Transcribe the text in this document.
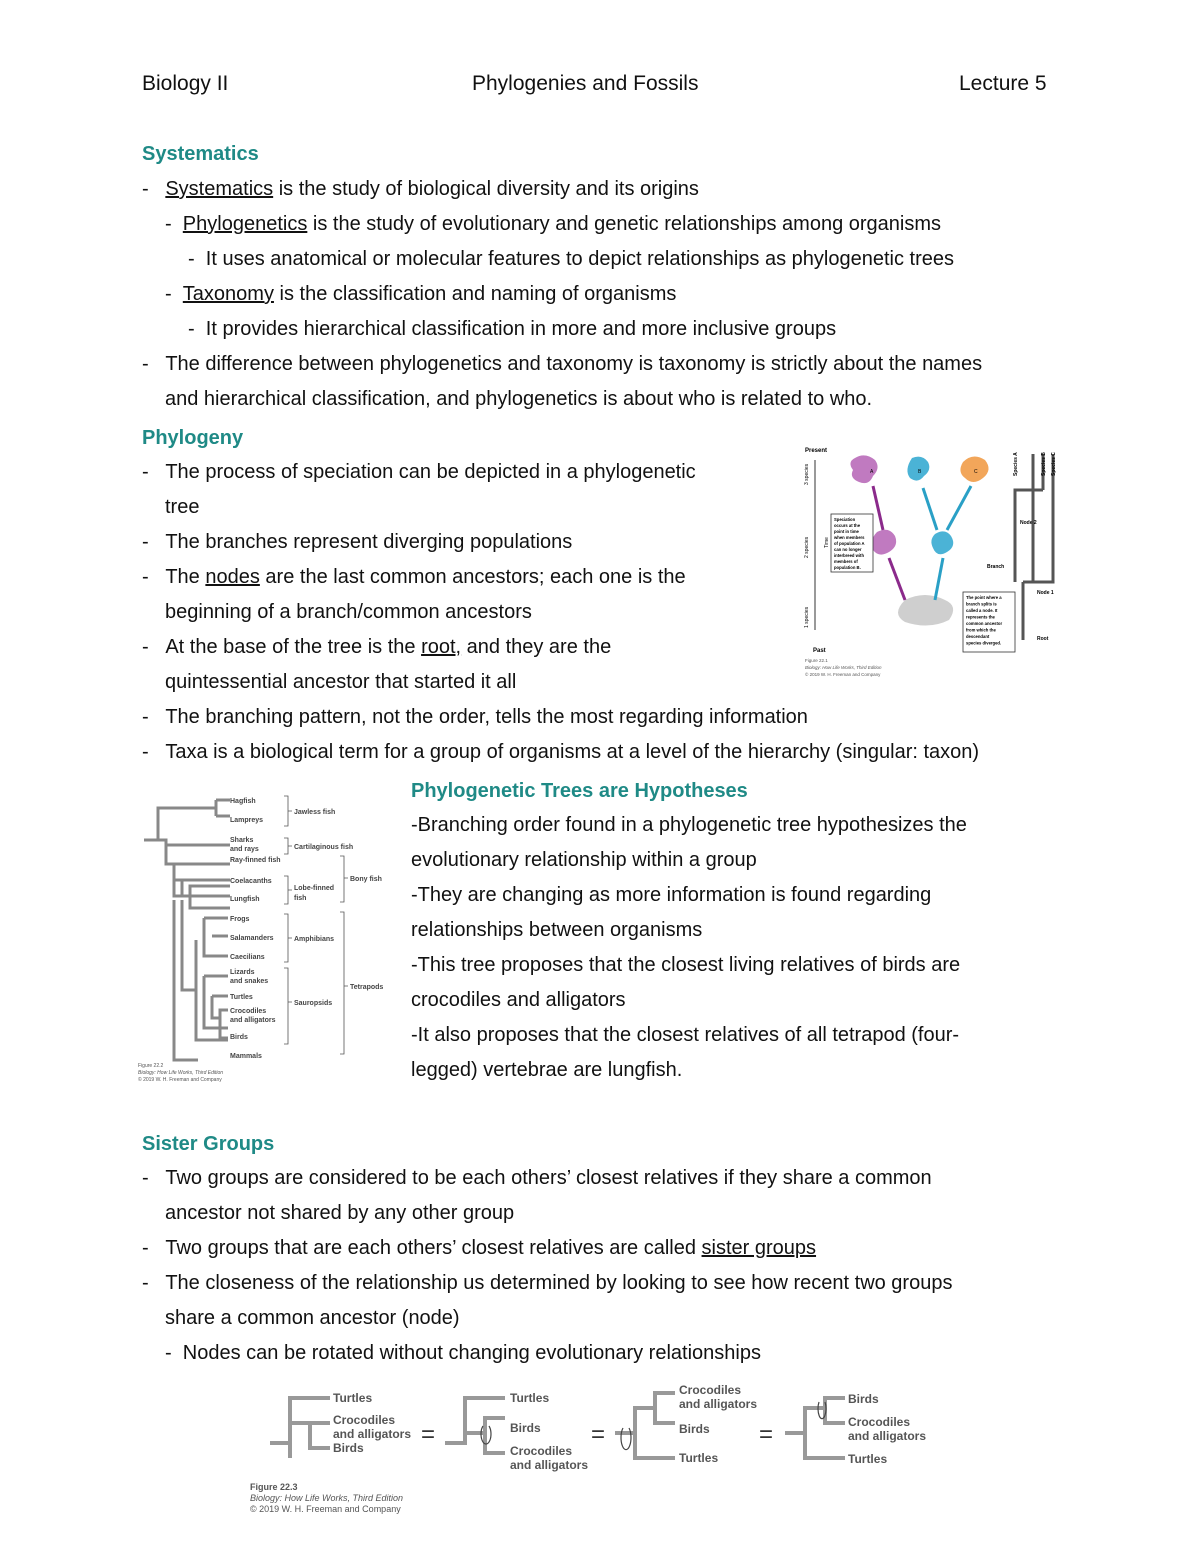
Biology II	Phylogenies and Fossils	Lecture 5
Systematics
- Systematics is the study of biological diversity and its origins
- Phylogenetics is the study of evolutionary and genetic relationships among organisms
- It uses anatomical or molecular features to depict relationships as phylogenetic trees
- Taxonomy is the classification and naming of organisms
- It provides hierarchical classification in more and more inclusive groups
- The difference between phylogenetics and taxonomy is taxonomy is strictly about the names
and hierarchical classification, and phylogenetics is about who is related to who.
Phylogeny
- The process of speciation can be depicted in a phylogenetic
tree
- The branches represent diverging populations
- The nodes are the last common ancestors; each one is the
beginning of a branch/common ancestors
- At the base of the tree is the root, and they are the
quintessential ancestor that started it all
- The branching pattern, not the order, tells the most regarding information
- Taxa is a biological term for a group of organisms at a level of the hierarchy (singular: taxon)
Present
Past
3 species
2 species
1 species
Time
A	B	C
Speciation occurs at the point in time when members of population A can no longer interbreed with members of population B.
The point where a branch splits is called a node. It represents the common ancestor from which the descendant species diverged.
Species A	Species B Species C
Node 2
Branch
Node 1
Root
Figure 22.1
Biology: How Life Works, Third Edition
© 2019 W. H. Freeman and Company
Hagfish
Lampreys
Sharks
and rays
Ray-finned fish
Coelacanths
Lungfish
Frogs
Salamanders
Caecilians
Lizards
and snakes
Turtles
Crocodiles
and alligators
Birds
Mammals
Jawless fish
Cartilaginous fish
Lobe-finned
fish
Bony fish
Amphibians
Sauropsids
Tetrapods
Figure 22.2
Biology: How Life Works, Third Edition
© 2019 W. H. Freeman and Company
Phylogenetic Trees are Hypotheses
-Branching order found in a phylogenetic tree hypothesizes the
evolutionary relationship within a group
-They are changing as more information is found regarding
relationships between organisms
-This tree proposes that the closest living relatives of birds are
crocodiles and alligators
-It also proposes that the closest relatives of all tetrapod (four-
legged) vertebrae are lungfish.
Sister Groups
- Two groups are considered to be each others’ closest relatives if they share a common
ancestor not shared by any other group
- Two groups that are each others’ closest relatives are called sister groups
- The closeness of the relationship us determined by looking to see how recent two groups
share a common ancestor (node)
- Nodes can be rotated without changing evolutionary relationships
Turtles
Crocodiles
and alligators
Birds
Turtles
Birds
Crocodiles
and alligators
Crocodiles
and alligators
Birds
Turtles
Birds
Crocodiles
and alligators
Turtles
=	=	=
Figure 22.3
Biology: How Life Works, Third Edition
© 2019 W. H. Freeman and Company
